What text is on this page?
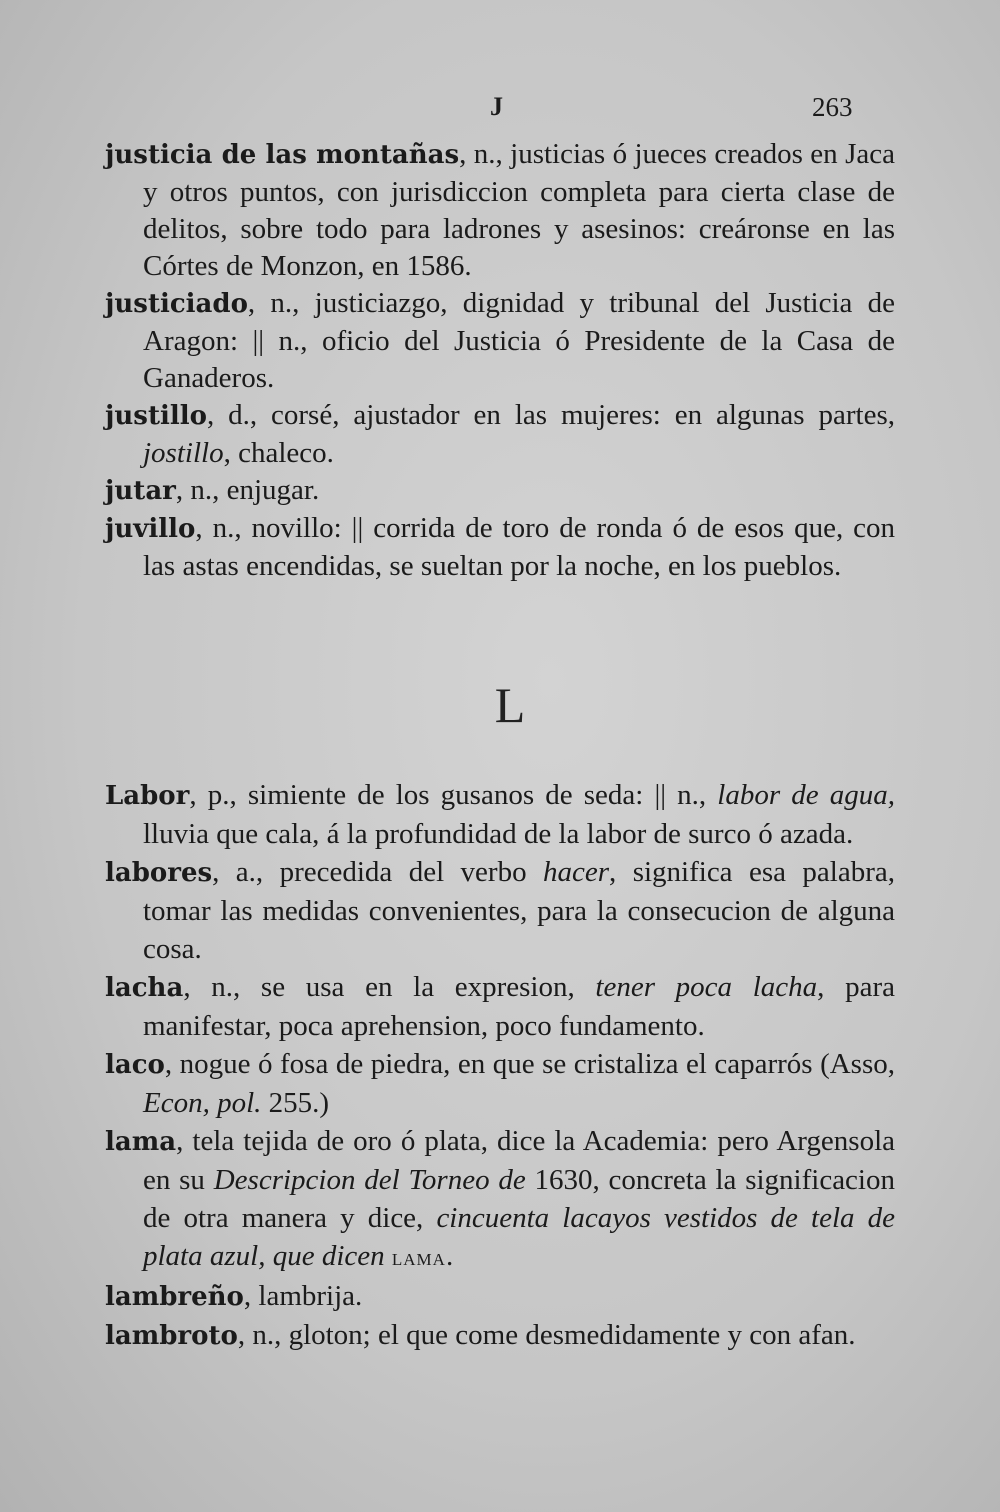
J	263

justicia de las montañas, n., justicias ó jueces creados en Jaca y otros puntos, con jurisdiccion completa para cierta clase de delitos, sobre todo para ladrones y asesinos: creáronse en las Córtes de Monzon, en 1586.

justiciado, n., justiciazgo, dignidad y tribunal del Justicia de Aragon: || n., oficio del Justicia ó Presidente de la Casa de Ganaderos.

justillo, d., corsé, ajustador en las mujeres: en algunas partes, jostillo, chaleco.

jutar, n., enjugar.

juvillo, n., novillo: || corrida de toro de ronda ó de esos que, con las astas encendidas, se sueltan por la noche, en los pueblos.

L

Labor, p., simiente de los gusanos de seda: || n., labor de agua, lluvia que cala, á la profundidad de la labor de surco ó azada.

labores, a., precedida del verbo hacer, significa esa palabra, tomar las medidas convenientes, para la consecucion de alguna cosa.

lacha, n., se usa en la expresion, tener poca lacha, para manifestar, poca aprehension, poco fundamento.

laco, nogue ó fosa de piedra, en que se cristaliza el caparrós (Asso, Econ, pol. 255.)

lama, tela tejida de oro ó plata, dice la Academia: pero Argensola en su Descripcion del Torneo de 1630, concreta la significacion de otra manera y dice, cincuenta lacayos vestidos de tela de plata azul, que dicen lama.

lambreño, lambrija.

lambroto, n., gloton; el que come desmedidamente y con afan.
